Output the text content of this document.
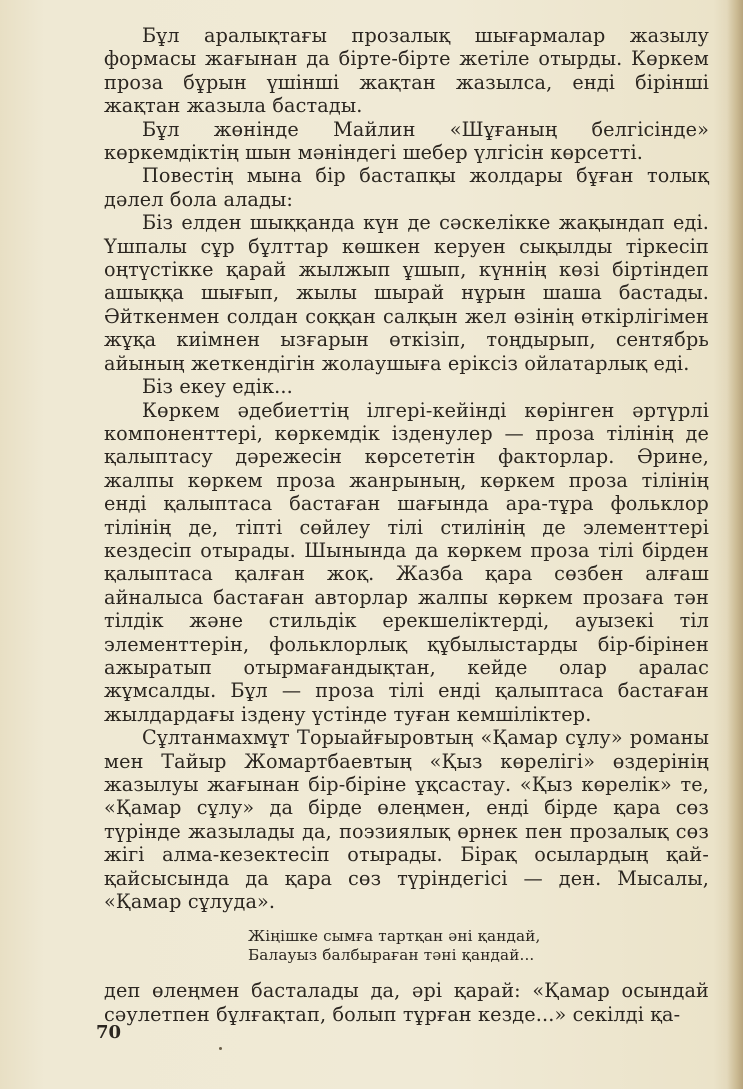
Бұл аралықтағы прозалық шығармалар жазылу формасы жағынан да бірте-бірте жетіле отырды. Көркем проза бұрын үшінші жақтан жазылса, енді бірінші жақтан жазыла бастады.

Бұл жөнінде Майлин «Шұғаның белгісінде» көркемдіктің шын мәніндегі шебер үлгісін көрсетті.

Повестің мына бір бастапқы жолдары бұған толық дәлел бола алады:

Біз елден шыққанда күн де сәскелікке жақындап еді. Үшпалы сұр бұлттар көшкен керуен сықылды тіркесіп оңтүстікке қарай жылжып ұшып, күннің көзі біртіндеп ашыққа шығып, жылы шырай нұрын шаша бастады. Әйткенмен солдан соққан салқын жел өзінің өткірлігімен жұқа киімнен ызғарын өткізіп, тоңдырып, сентябрь айының жеткендігін жолаушыға еріксіз ойлатарлық еді.

Біз екеу едік...

Көркем әдебиеттің ілгері-кейінді көрінген әртүрлі компоненттері, көркемдік ізденулер — проза тілінің де қалыптасу дәрежесін көрсететін факторлар. Әрине, жалпы көркем проза жанрының, көркем проза тілінің енді қалыптаса бастаған шағында ара-тұра фольклор тілінің де, тіпті сөйлеу тілі стилінің де элементтері кездесіп отырады. Шынында да көркем проза тілі бірден қалыптаса қалған жоқ. Жазба қара сөзбен алғаш айналыса бастаған авторлар жалпы көркем прозаға тән тілдік және стильдік ерекшеліктерді, ауызекі тіл элементтерін, фольклорлық құбылыстарды бір-бірінен ажыратып отырмағандықтан, кейде олар аралас жұмсалды. Бұл — проза тілі енді қалыптаса бастаған жылдардағы іздену үстінде туған кемшіліктер.

Сұлтанмахмұт Торыайғыровтың «Қамар сұлу» романы мен Тайыр Жомартбаевтың «Қыз көрелігі» өздерінің жазылуы жағынан бір-біріне ұқсастау. «Қыз көрелік» те, «Қамар сұлу» да бірде өлеңмен, енді бірде қара сөз түрінде жазылады да, поэзиялық өрнек пен прозалық сөз жігі алма-кезектесіп отырады. Бірақ осылардың қай-қайсысында да қара сөз түріндегісі — ден. Мысалы, «Қамар сұлуда».

Жіңішке сымға тартқан әні қандай,
Балауыз балбыраған тәні қандай...

деп өлеңмен басталады да, әрі қарай: «Қамар осындай сәулетпен бұлғақтап, болып тұрған кезде...» секілді қа-

70
